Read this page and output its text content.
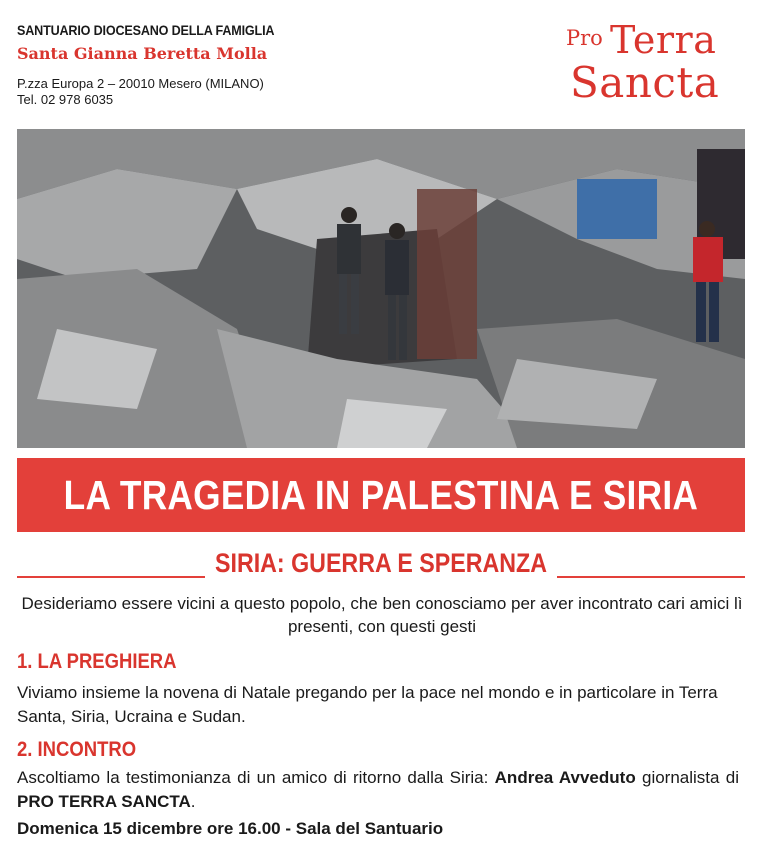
SANTUARIO DIOCESANO DELLA FAMIGLIA
Santa Gianna Beretta Molla
P.zza Europa 2 – 20010 Mesero (MILANO)
Tel. 02 978 6035
Pro Terra
Sancta
LA TRAGEDIA IN PALESTINA E SIRIA
SIRIA: GUERRA E SPERANZA
Desideriamo essere vicini a questo popolo, che ben conosciamo per aver incontrato cari amici lì presenti, con questi gesti
1. LA PREGHIERA
Viviamo insieme la novena di Natale pregando per la pace nel mondo e in particolare in Terra Santa, Siria, Ucraina e Sudan.
2. INCONTRO
Ascoltiamo la testimonianza di un amico di ritorno dalla Siria: Andrea Avveduto giornalista di PRO TERRA SANCTA.
Domenica 15 dicembre ore 16.00 - Sala del Santuario
